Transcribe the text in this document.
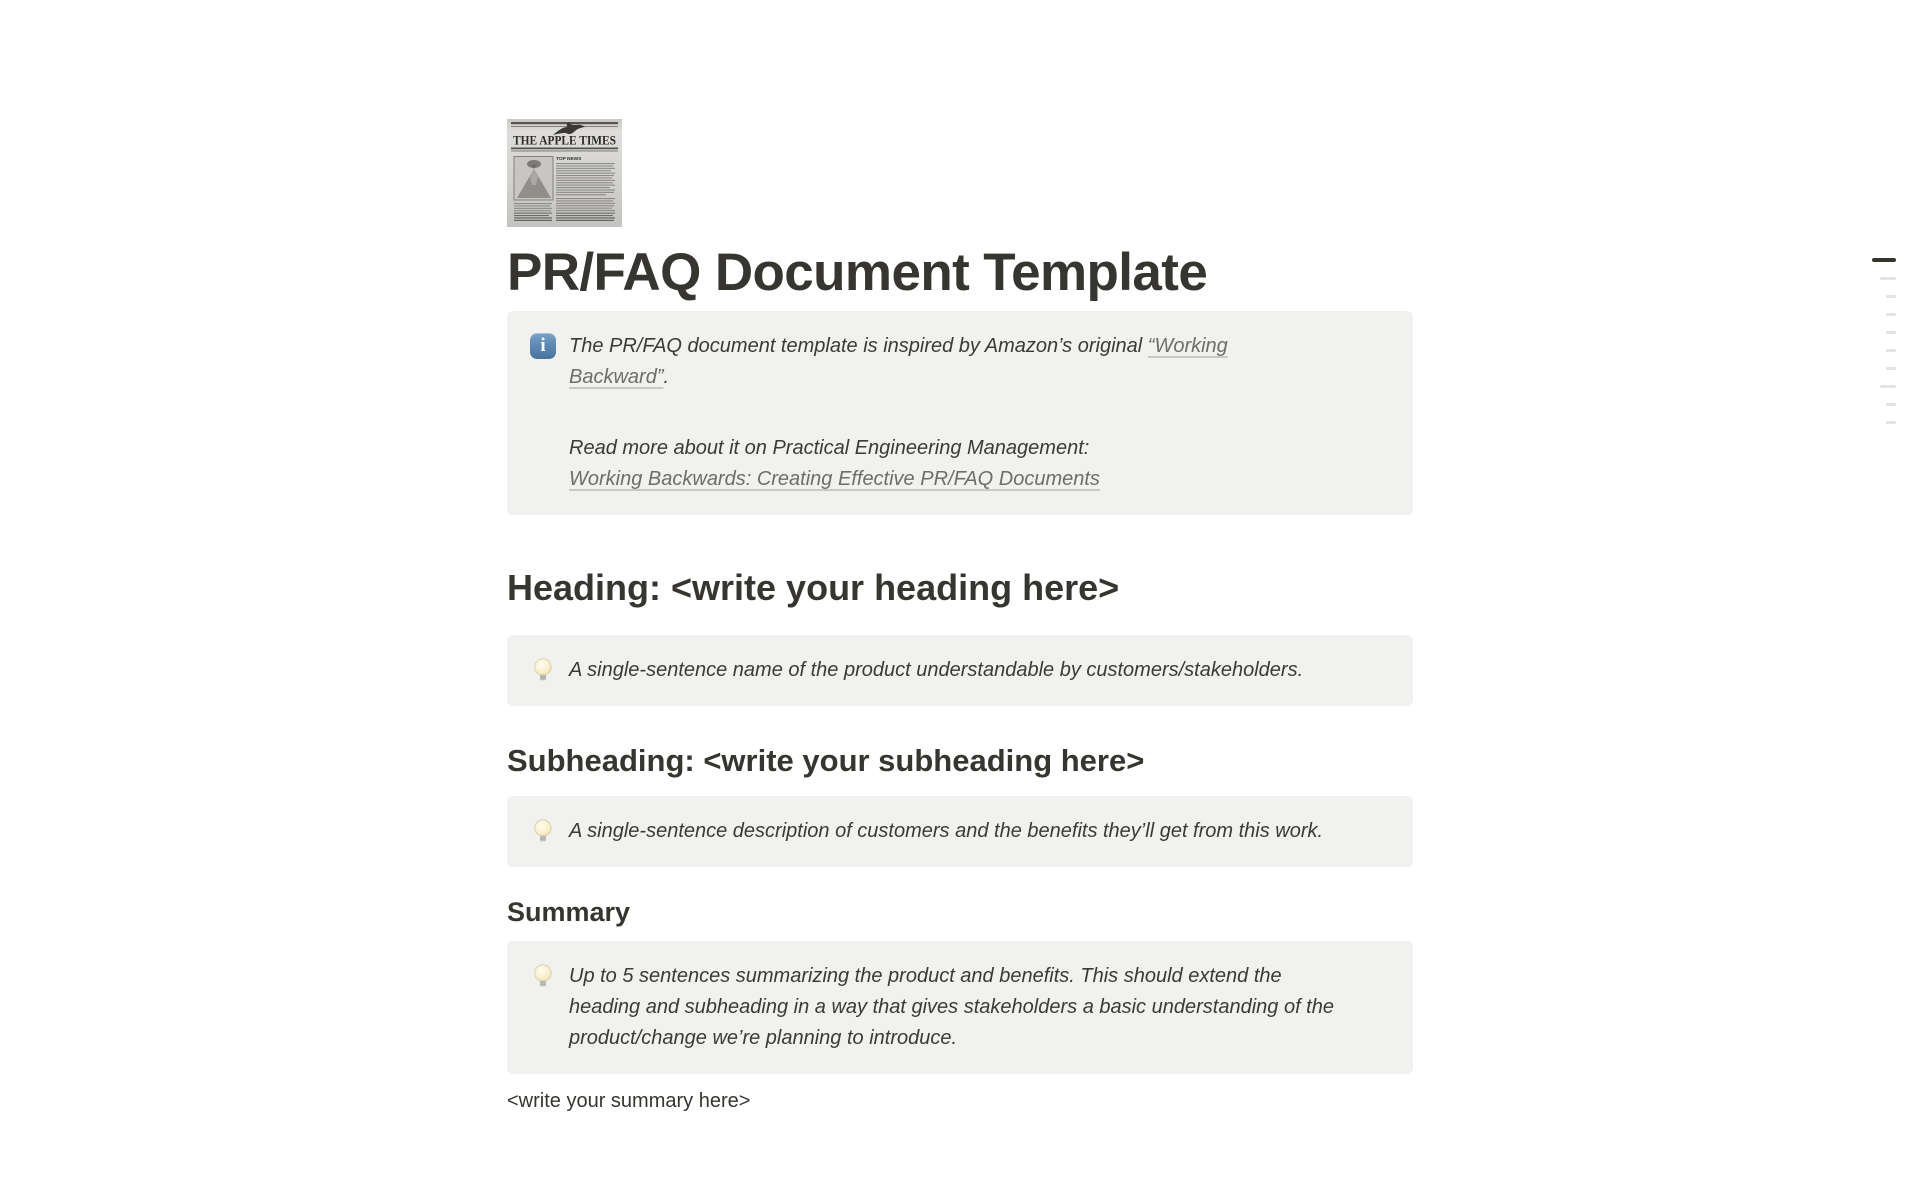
THE APPLE TIMES
TOP NEWS
PR/FAQ Document Template
i	The PR/FAQ document template is inspired by Amazon’s original “Working Backward”.

Read more about it on Practical Engineering Management:
Working Backwards: Creating Effective PR/FAQ Documents

Heading: <write your heading here>

A single-sentence name of the product understandable by customers/stakeholders.

Subheading: <write your subheading here>

A single-sentence description of customers and the benefits they’ll get from this work.

Summary

Up to 5 sentences summarizing the product and benefits. This should extend the heading and subheading in a way that gives stakeholders a basic understanding of the product/change we’re planning to introduce.

<write your summary here>
